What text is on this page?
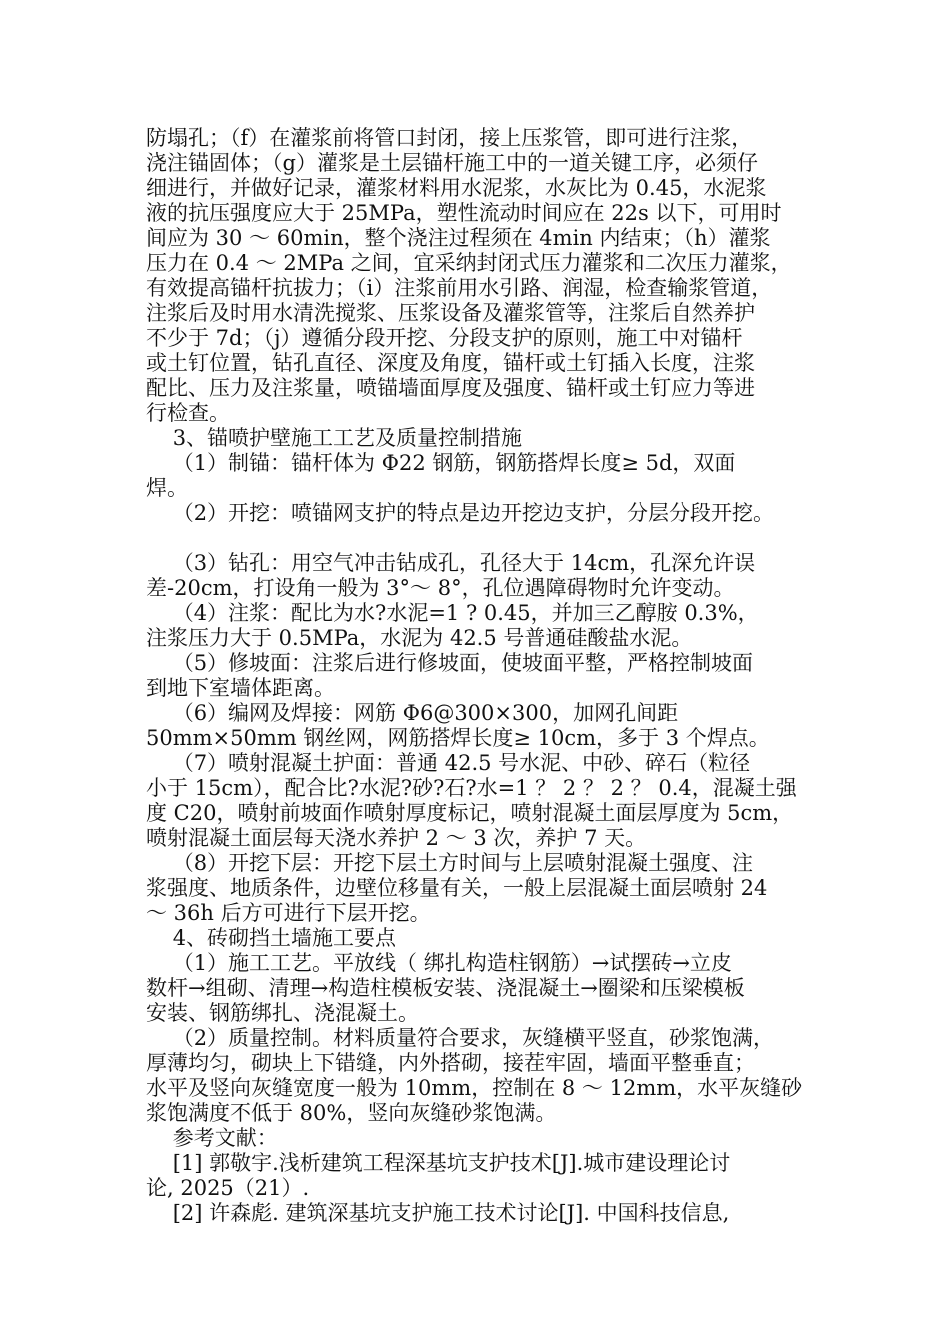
防塌孔；（f）在灌浆前将管口封闭，接上压浆管，即可进行注浆，
浇注锚固体；（g）灌浆是土层锚杆施工中的一道关键工序，必须仔
细进行，并做好记录，灌浆材料用水泥浆，水灰比为 0.45，水泥浆
液的抗压强度应大于 25MPa，塑性流动时间应在 22s 以下，可用时
间应为 30 ～ 60min，整个浇注过程须在 4min 内结束；（h）灌浆
压力在 0.4 ～ 2MPa 之间，宜采纳封闭式压力灌浆和二次压力灌浆，
有效提高锚杆抗拔力；（i）注浆前用水引路、润湿，检查输浆管道，
注浆后及时用水清洗搅浆、压浆设备及灌浆管等，注浆后自然养护
不少于 7d；（j）遵循分段开挖、分段支护的原则，施工中对锚杆
或土钉位置，钻孔直径、深度及角度，锚杆或土钉插入长度，注浆
配比、压力及注浆量，喷锚墙面厚度及强度、锚杆或土钉应力等进
行检查。
3、锚喷护壁施工工艺及质量控制措施
（1）制锚：锚杆体为 Φ22 钢筋，钢筋搭焊长度≥ 5d，双面
焊。
（2）开挖：喷锚网支护的特点是边开挖边支护，分层分段开挖。
（3）钻孔：用空气冲击钻成孔，孔径大于 14cm，孔深允许误
差-20cm，打设角一般为 3°～ 8°，孔位遇障碍物时允许变动。
（4）注浆：配比为水?水泥=1 ? 0.45，并加三乙醇胺 0.3%，
注浆压力大于 0.5MPa，水泥为 42.5 号普通硅酸盐水泥。
（5）修坡面：注浆后进行修坡面，使坡面平整，严格控制坡面
到地下室墙体距离。
（6）编网及焊接：网筋 Φ6@300×300，加网孔间距
50mm×50mm 钢丝网，网筋搭焊长度≥ 10cm，多于 3 个焊点。
（7）喷射混凝土护面：普通 42.5 号水泥、中砂、碎石（粒径
小于 15cm），配合比?水泥?砂?石?水=1 ？ 2 ？ 2 ？ 0.4，混凝土强
度 C20，喷射前坡面作喷射厚度标记，喷射混凝土面层厚度为 5cm，
喷射混凝土面层每天浇水养护 2 ～ 3 次，养护 7 天。
（8）开挖下层：开挖下层土方时间与上层喷射混凝土强度、注
浆强度、地质条件，边壁位移量有关，一般上层混凝土面层喷射 24
～ 36h 后方可进行下层开挖。
4、砖砌挡土墙施工要点
（1）施工工艺。平放线（ 绑扎构造柱钢筋）→试摆砖→立皮
数杆→组砌、清理→构造柱模板安装、浇混凝土→圈梁和压梁模板
安装、钢筋绑扎、浇混凝土。
（2）质量控制。材料质量符合要求，灰缝横平竖直，砂浆饱满，
厚薄均匀，砌块上下错缝，内外搭砌，接茬牢固，墙面平整垂直；
水平及竖向灰缝宽度一般为 10mm，控制在 8 ～ 12mm，水平灰缝砂
浆饱满度不低于 80%，竖向灰缝砂浆饱满。
参考文献：
[1] 郭敬宇.浅析建筑工程深基坑支护技术[J].城市建设理论讨
论, 2025（21）.
[2] 许森彪. 建筑深基坑支护施工技术讨论[J]. 中国科技信息,
